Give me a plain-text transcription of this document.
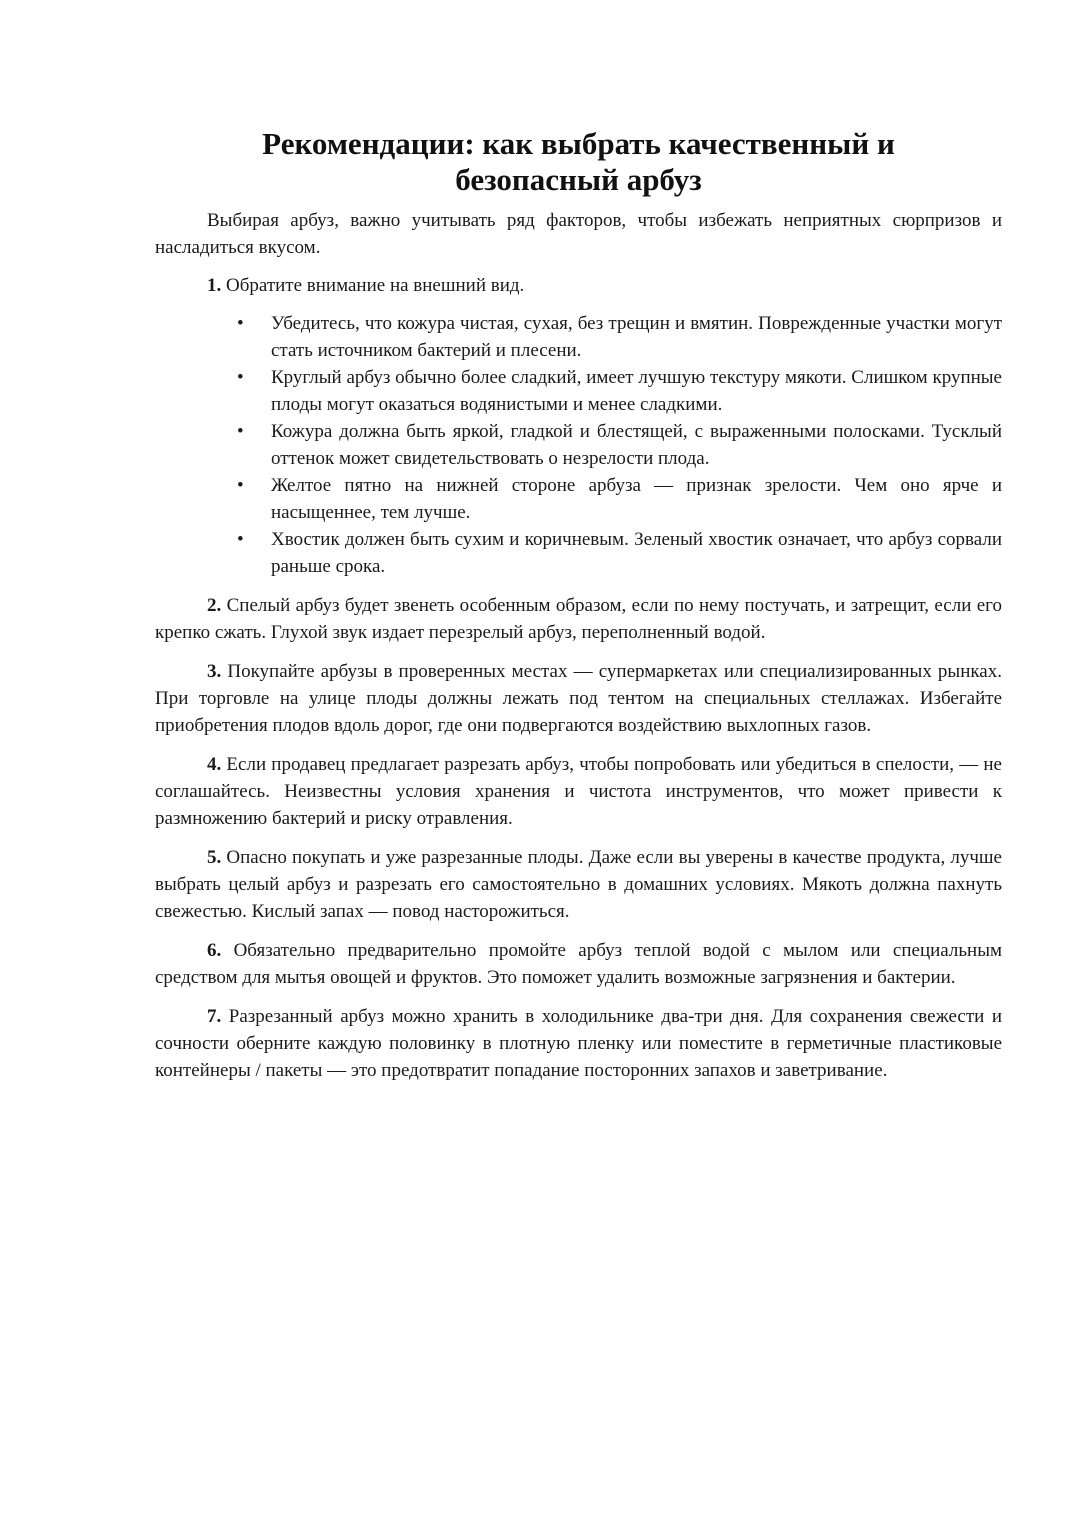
Рекомендации: как выбрать качественный и
безопасный арбуз

Выбирая арбуз, важно учитывать ряд факторов, чтобы избежать неприятных сюрпризов и насладиться вкусом.

1. Обратите внимание на внешний вид.

• Убедитесь, что кожура чистая, сухая, без трещин и вмятин. Поврежденные участки могут стать источником бактерий и плесени.
• Круглый арбуз обычно более сладкий, имеет лучшую текстуру мякоти. Слишком крупные плоды могут оказаться водянистыми и менее сладкими.
• Кожура должна быть яркой, гладкой и блестящей, с выраженными полосками. Тусклый оттенок может свидетельствовать о незрелости плода.
• Желтое пятно на нижней стороне арбуза — признак зрелости. Чем оно ярче и насыщеннее, тем лучше.
• Хвостик должен быть сухим и коричневым. Зеленый хвостик означает, что арбуз сорвали раньше срока.

2. Спелый арбуз будет звенеть особенным образом, если по нему постучать, и затрещит, если его крепко сжать. Глухой звук издает перезрелый арбуз, переполненный водой.

3. Покупайте арбузы в проверенных местах — супермаркетах или специализированных рынках. При торговле на улице плоды должны лежать под тентом на специальных стеллажах. Избегайте приобретения плодов вдоль дорог, где они подвергаются воздействию выхлопных газов.

4. Если продавец предлагает разрезать арбуз, чтобы попробовать или убедиться в спелости, — не соглашайтесь. Неизвестны условия хранения и чистота инструментов, что может привести к размножению бактерий и риску отравления.

5. Опасно покупать и уже разрезанные плоды. Даже если вы уверены в качестве продукта, лучше выбрать целый арбуз и разрезать его самостоятельно в домашних условиях. Мякоть должна пахнуть свежестью. Кислый запах — повод насторожиться.

6. Обязательно предварительно промойте арбуз теплой водой с мылом или специальным средством для мытья овощей и фруктов. Это поможет удалить возможные загрязнения и бактерии.

7. Разрезанный арбуз можно хранить в холодильнике два-три дня. Для сохранения свежести и сочности оберните каждую половинку в плотную пленку или поместите в герметичные пластиковые контейнеры / пакеты — это предотвратит попадание посторонних запахов и заветривание.
